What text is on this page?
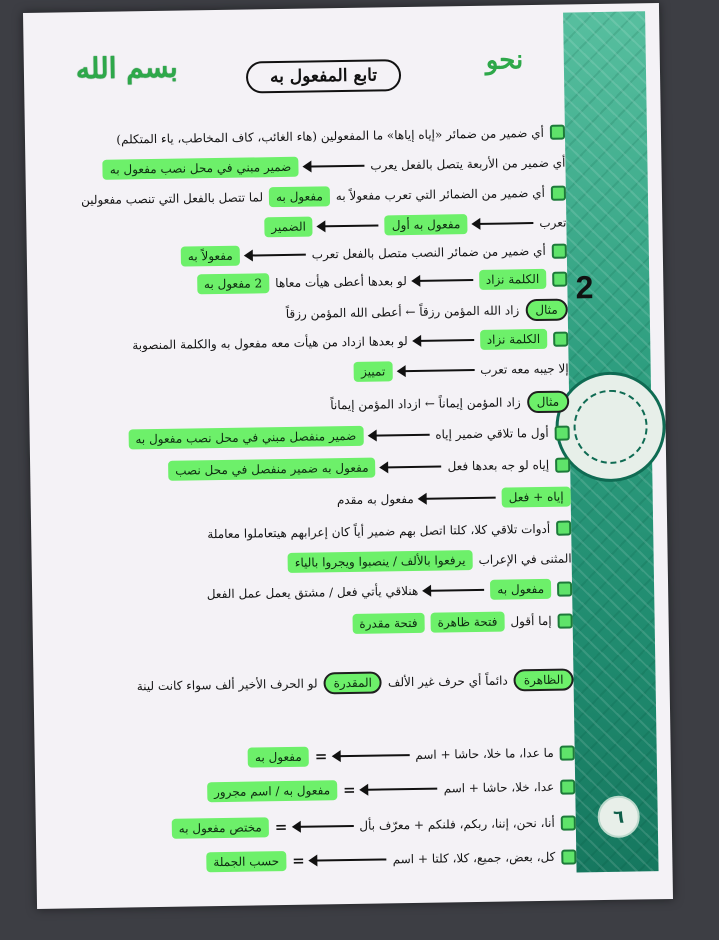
٦
2
بسم الله	تابع المفعول به
نحو
أي ضمير من ضمائر «إياه إياها» ما المفعولين (هاء الغائب، كاف المخاطب، ياء المتكلم)
أي ضمير من الأربعة يتصل بالفعل يعربضمير مبني في محل نصب مفعول به
أي ضمير من الضمائر التي تعرب مفعولاً بهمفعول بهلما تتصل بالفعل التي تنصب مفعولين
تعربمفعول به أولالضمير
أي ضمير من ضمائر النصب متصل بالفعل تعربمفعولاً به
الكلمة نزادلو بعدها أعطى هيأت معاها2 مفعول به
مثالزاد الله المؤمن رزقاً ← أعطى الله المؤمن رزقاً
الكلمة نزادلو بعدها ازداد من هيأت معه مفعول به والكلمة المنصوبة
إلا جيبه معه تعربتمييز
مثالزاد المؤمن إيماناً ← ازداد المؤمن إيماناً
أول ما تلاقي ضمير إياهضمير منفصل مبني في محل نصب مفعول به
إياه لو جه بعدها فعلمفعول به ضمير منفصل في محل نصب
إياه + فعلمفعول به مقدم
أدوات تلاقي كلا، كلتا اتصل بهم ضمير أياً كان إعرابهم هيتعاملوا معاملة
المثنى في الإعرابيرفعوا بالألف / ينصبوا ويجروا بالياء
مفعول بههنلاقي يأتي فعل / مشتق يعمل عمل الفعل
إما أقولفتحة ظاهرةفتحة مقدرة
الظاهرةدائماً أي حرف غير الألفالمقدرةلو الحرف الأخير ألف سواء كانت لينة
ما عدا، ما خلا، حاشا + اسم=مفعول به
عدا، خلا، حاشا + اسم=مفعول به / اسم مجرور
أنا، نحن، إننا، ربكم، فلنكم + معرّف بأل=مختص مفعول به
كل، بعض، جميع، كلا، كلتا + اسم=حسب الجملة
